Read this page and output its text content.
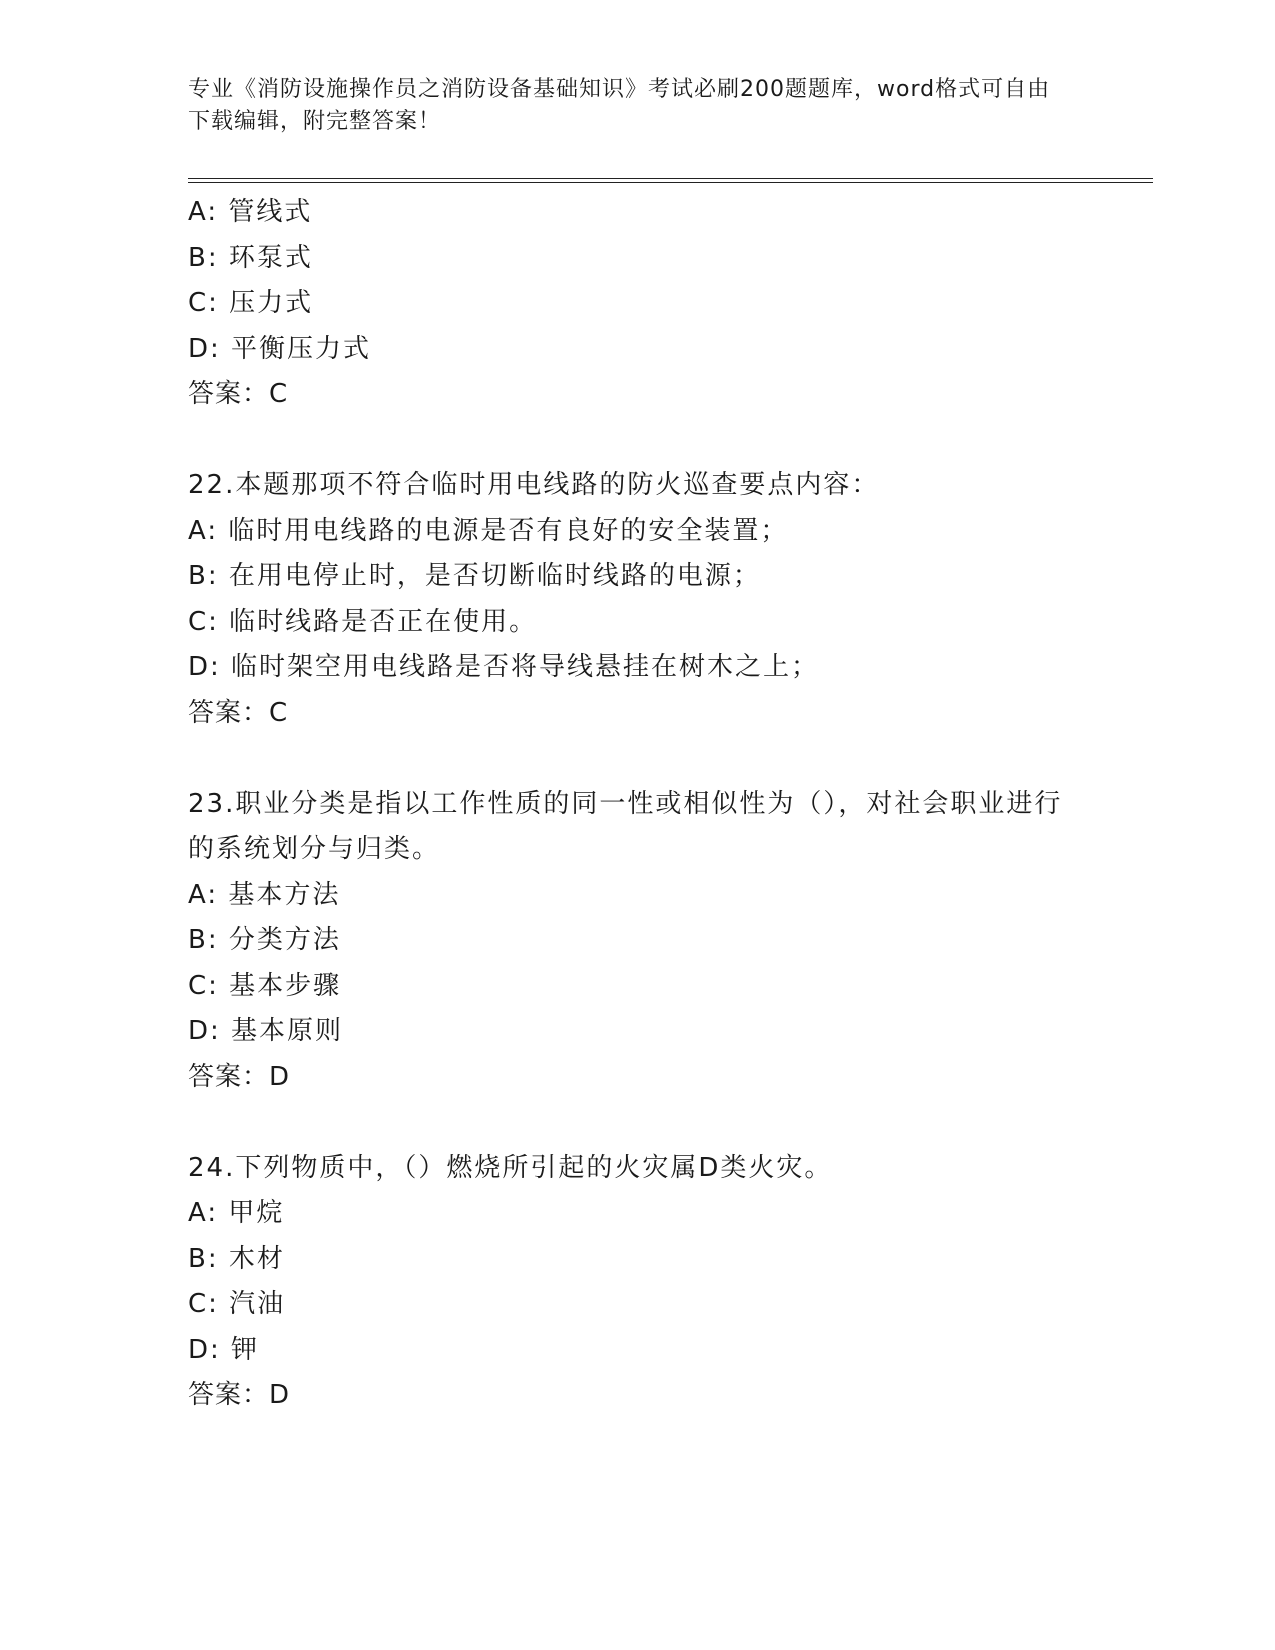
专业《消防设施操作员之消防设备基础知识》考试必刷200题题库，word格式可自由下载编辑，附完整答案！
A: 管线式
B: 环泵式
C: 压力式
D: 平衡压力式
答案：C
22.本题那项不符合临时用电线路的防火巡查要点内容：
A: 临时用电线路的电源是否有良好的安全装置；
B: 在用电停止时，是否切断临时线路的电源；
C: 临时线路是否正在使用。
D: 临时架空用电线路是否将导线悬挂在树木之上；
答案：C
23.职业分类是指以工作性质的同一性或相似性为（），对社会职业进行的系统划分与归类。
A: 基本方法
B: 分类方法
C: 基本步骤
D: 基本原则
答案：D
24.下列物质中，（）燃烧所引起的火灾属D类火灾。
A: 甲烷
B: 木材
C: 汽油
D: 钾
答案：D
